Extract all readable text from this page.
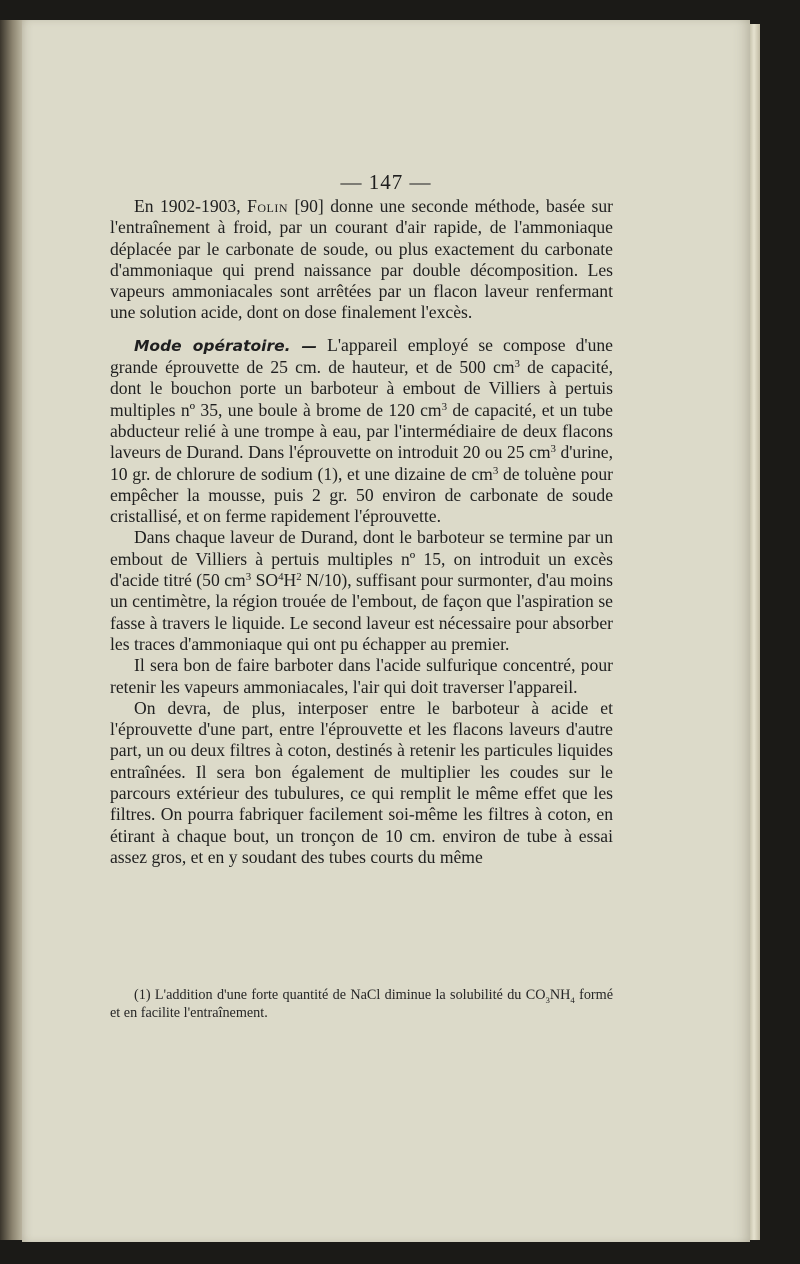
— 147 —

En 1902-1903, Folin [90] donne une seconde méthode, basée sur l'entraînement à froid, par un courant d'air rapide, de l'ammoniaque déplacée par le carbonate de soude, ou plus exactement du carbonate d'ammoniaque qui prend naissance par double décomposition. Les vapeurs ammoniacales sont arrêtées par un flacon laveur renfermant une solution acide, dont on dose finalement l'excès.

Mode opératoire. — L'appareil employé se compose d'une grande éprouvette de 25 cm. de hauteur, et de 500 $cm^3$ de capacité, dont le bouchon porte un barboteur à embout de Villiers à pertuis multiples nº 35, une boule à brome de 120 $cm^3$ de capacité, et un tube abducteur relié à une trompe à eau, par l'intermédiaire de deux flacons laveurs de Durand. Dans l'éprouvette on introduit 20 ou 25 $cm^3$ d'urine, 10 gr. de chlorure de sodium (1), et une dizaine de $cm^3$ de toluène pour empêcher la mousse, puis 2 gr. 50 environ de carbonate de soude cristallisé, et on ferme rapidement l'éprouvette.

Dans chaque laveur de Durand, dont le barboteur se termine par un embout de Villiers à pertuis multiples nº 15, on introduit un excès d'acide titré (50 $cm^3$ $SO^4H^2$ N/10), suffisant pour surmonter, d'au moins un centimètre, la région trouée de l'embout, de façon que l'aspiration se fasse à travers le liquide. Le second laveur est nécessaire pour absorber les traces d'ammoniaque qui ont pu échapper au premier.

Il sera bon de faire barboter dans l'acide sulfurique concentré, pour retenir les vapeurs ammoniacales, l'air qui doit traverser l'appareil.

On devra, de plus, interposer entre le barboteur à acide et l'éprouvette d'une part, entre l'éprouvette et les flacons laveurs d'autre part, un ou deux filtres à coton, destinés à retenir les particules liquides entraînées. Il sera bon également de multiplier les coudes sur le parcours extérieur des tubulures, ce qui remplit le même effet que les filtres. On pourra fabriquer facilement soi-même les filtres à coton, en étirant à chaque bout, un tronçon de 10 cm. environ de tube à essai assez gros, et en y soudant des tubes courts du même

(1) L'addition d'une forte quantité de NaCl diminue la solubilité du $CO_3NH_4$ formé et en facilite l'entraînement.
